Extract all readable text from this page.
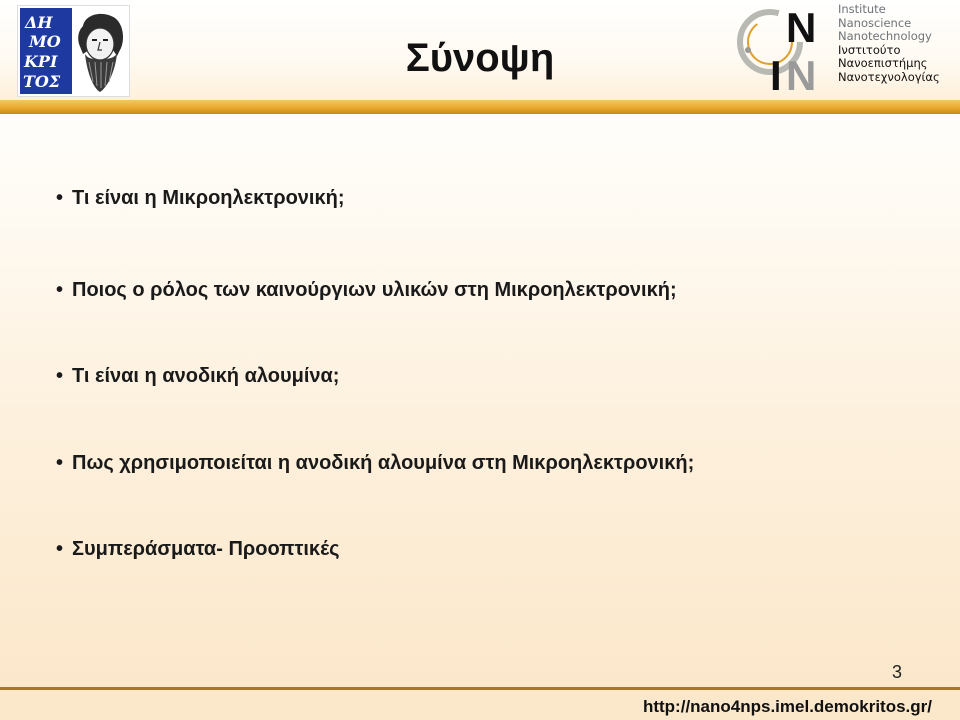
ΔΗ
ΜΟ
ΚΡΙ
ΤΟΣ
Σύνοψη
N
I N
Institute
Nanoscience
Nanotechnology
Ινστιτούτο
Νανοεπιστήμης
Νανοτεχνολογίας
• Τι είναι η Μικροηλεκτρονική;
• Ποιος ο ρόλος των καινούργιων υλικών στη Μικροηλεκτρονική;
• Τι είναι η ανοδική αλουμίνα;
• Πως χρησιμοποιείται η ανοδική αλουμίνα στη Μικροηλεκτρονική;
• Συμπεράσματα- Προοπτικές
3
http://nano4nps.imel.demokritos.gr/
